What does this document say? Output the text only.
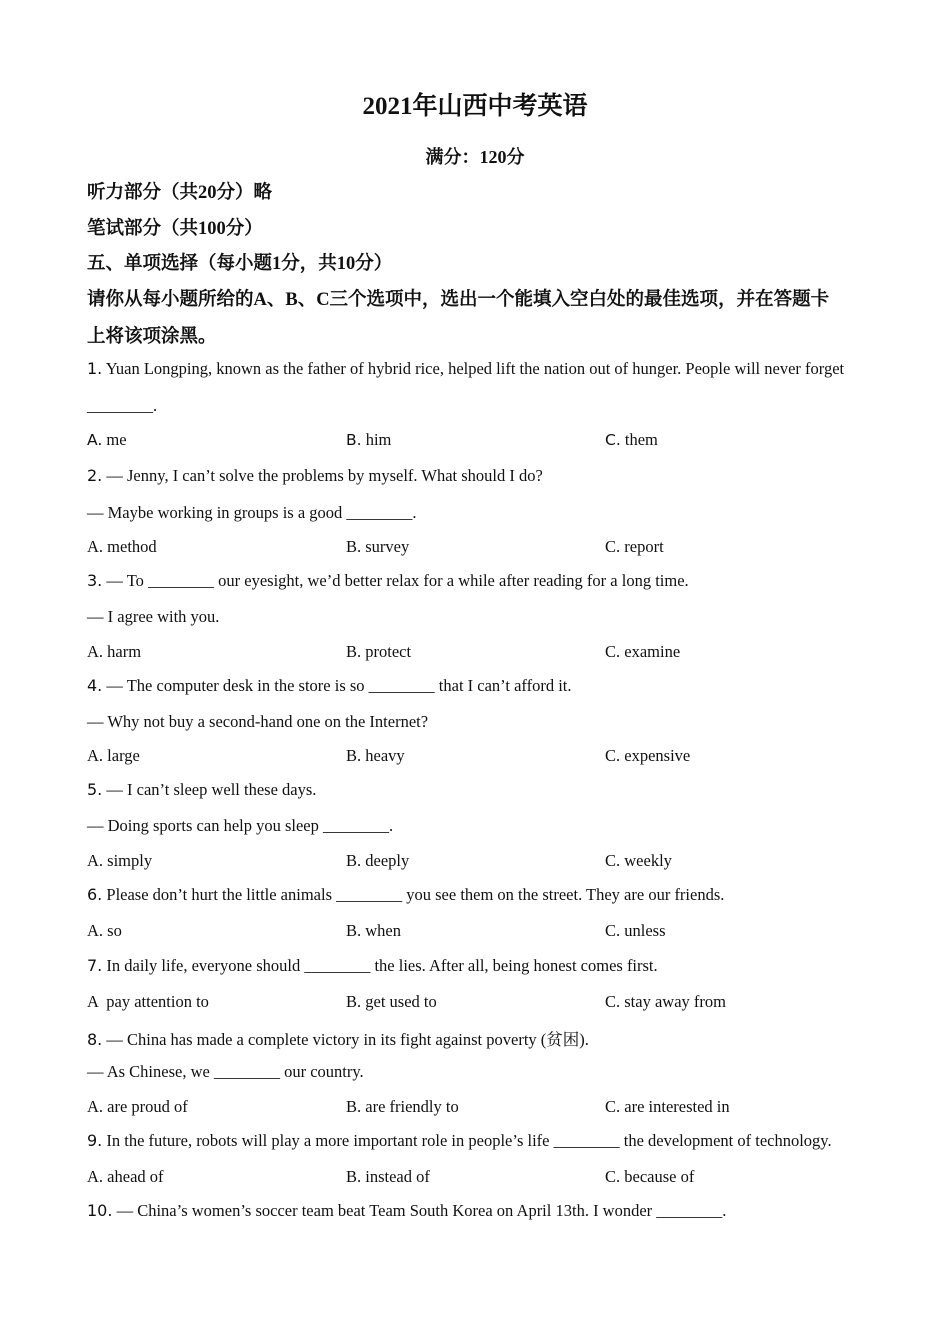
2021年山西中考英语
满分：120分
听力部分（共20分）略
笔试部分（共100分）
五、单项选择（每小题1分，共10分）
请你从每小题所给的A、B、C三个选项中，选出一个能填入空白处的最佳选项，并在答题卡
上将该项涂黑。
1. Yuan Longping, known as the father of hybrid rice, helped lift the nation out of hunger. People will never forget
________.
A. me	B. him	C. them
2. — Jenny, I can’t solve the problems by myself. What should I do?
— Maybe working in groups is a good ________.
A. method	B. survey	C. report
3. — To ________ our eyesight, we’d better relax for a while after reading for a long time.
— I agree with you.
A. harm	B. protect	C. examine
4. — The computer desk in the store is so ________ that I can’t afford it.
— Why not buy a second-hand one on the Internet?
A. large	B. heavy	C. expensive
5. — I can’t sleep well these days.
— Doing sports can help you sleep ________.
A. simply	B. deeply	C. weekly
6. Please don’t hurt the little animals ________ you see them on the street. They are our friends.
A. so	B. when	C. unless
7. In daily life, everyone should ________ the lies. After all, being honest comes first.
A  pay attention to	B. get used to	C. stay away from
8. — China has made a complete victory in its fight against poverty (贫困).
— As Chinese, we ________ our country.
A. are proud of	B. are friendly to	C. are interested in
9. In the future, robots will play a more important role in people’s life ________ the development of technology.
A. ahead of	B. instead of	C. because of
10. — China’s women’s soccer team beat Team South Korea on April 13th. I wonder ________.
